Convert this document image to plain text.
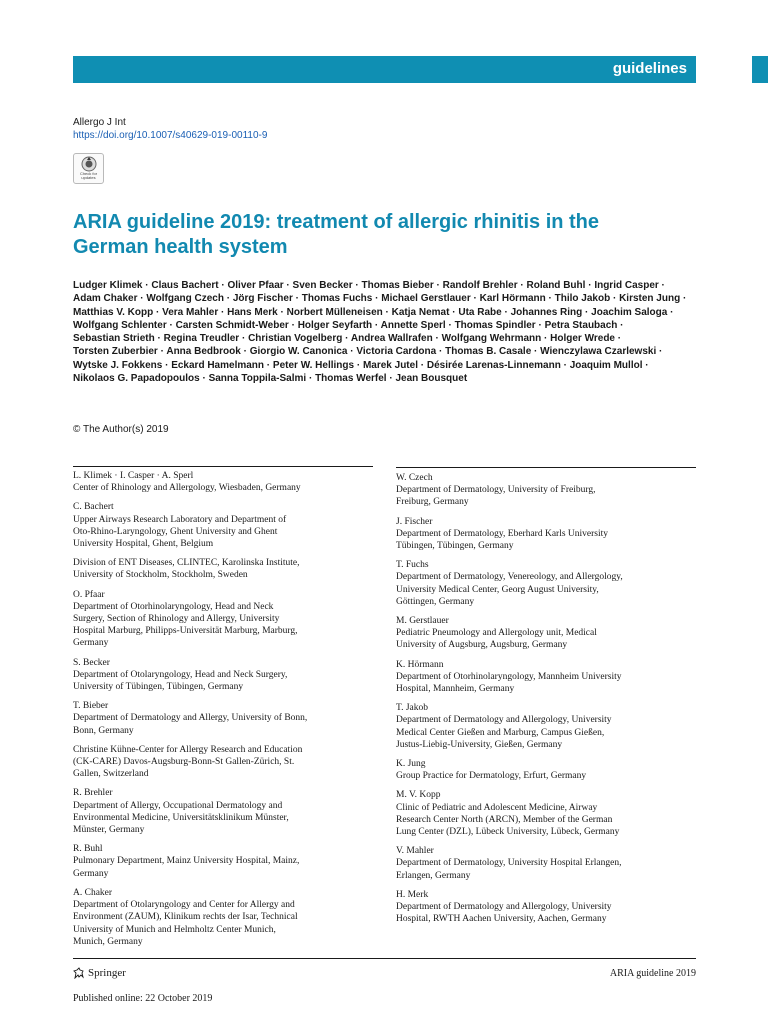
guidelines
Allergo J Int
https://doi.org/10.1007/s40629-019-00110-9
Check for updates
ARIA guideline 2019: treatment of allergic rhinitis in the German health system
Ludger Klimek · Claus Bachert · Oliver Pfaar · Sven Becker · Thomas Bieber · Randolf Brehler · Roland Buhl · Ingrid Casper · Adam Chaker · Wolfgang Czech · Jörg Fischer · Thomas Fuchs · Michael Gerstlauer · Karl Hörmann · Thilo Jakob · Kirsten Jung · Matthias V. Kopp · Vera Mahler · Hans Merk · Norbert Mülleneisen · Katja Nemat · Uta Rabe · Johannes Ring · Joachim Saloga · Wolfgang Schlenter · Carsten Schmidt-Weber · Holger Seyfarth · Annette Sperl · Thomas Spindler · Petra Staubach · Sebastian Strieth · Regina Treudler · Christian Vogelberg · Andrea Wallrafen · Wolfgang Wehrmann · Holger Wrede · Torsten Zuberbier · Anna Bedbrook · Giorgio W. Canonica · Victoria Cardona · Thomas B. Casale · Wienczylawa Czarlewski · Wytske J. Fokkens · Eckard Hamelmann · Peter W. Hellings · Marek Jutel · Désirée Larenas-Linnemann · Joaquim Mullol · Nikolaos G. Papadopoulos · Sanna Toppila-Salmi · Thomas Werfel · Jean Bousquet
© The Author(s) 2019
L. Klimek · I. Casper · A. Sperl
Center of Rhinology and Allergology, Wiesbaden, Germany
C. Bachert
Upper Airways Research Laboratory and Department of
Oto-Rhino-Laryngology, Ghent University and Ghent
University Hospital, Ghent, Belgium
Division of ENT Diseases, CLINTEC, Karolinska Institute,
University of Stockholm, Stockholm, Sweden
O. Pfaar
Department of Otorhinolaryngology, Head and Neck
Surgery, Section of Rhinology and Allergy, University
Hospital Marburg, Philipps-Universität Marburg, Marburg,
Germany
S. Becker
Department of Otolaryngology, Head and Neck Surgery,
University of Tübingen, Tübingen, Germany
T. Bieber
Department of Dermatology and Allergy, University of Bonn,
Bonn, Germany
Christine Kühne-Center for Allergy Research and Education
(CK-CARE) Davos-Augsburg-Bonn-St Gallen-Zürich, St.
Gallen, Switzerland
R. Brehler
Department of Allergy, Occupational Dermatology and
Environmental Medicine, Universitätsklinikum Münster,
Münster, Germany
R. Buhl
Pulmonary Department, Mainz University Hospital, Mainz,
Germany
A. Chaker
Department of Otolaryngology and Center for Allergy and
Environment (ZAUM), Klinikum rechts der Isar, Technical
University of Munich and Helmholtz Center Munich,
Munich, Germany
W. Czech
Department of Dermatology, University of Freiburg,
Freiburg, Germany
J. Fischer
Department of Dermatology, Eberhard Karls University
Tübingen, Tübingen, Germany
T. Fuchs
Department of Dermatology, Venereology, and Allergology,
University Medical Center, Georg August University,
Göttingen, Germany
M. Gerstlauer
Pediatric Pneumology and Allergology unit, Medical
University of Augsburg, Augsburg, Germany
K. Hörmann
Department of Otorhinolaryngology, Mannheim University
Hospital, Mannheim, Germany
T. Jakob
Department of Dermatology and Allergology, University
Medical Center Gießen and Marburg, Campus Gießen,
Justus-Liebig-University, Gießen, Germany
K. Jung
Group Practice for Dermatology, Erfurt, Germany
M. V. Kopp
Clinic of Pediatric and Adolescent Medicine, Airway
Research Center North (ARCN), Member of the German
Lung Center (DZL), Lübeck University, Lübeck, Germany
V. Mahler
Department of Dermatology, University Hospital Erlangen,
Erlangen, Germany
H. Merk
Department of Dermatology and Allergology, University
Hospital, RWTH Aachen University, Aachen, Germany
Springer	ARIA guideline 2019
Published online: 22 October 2019
